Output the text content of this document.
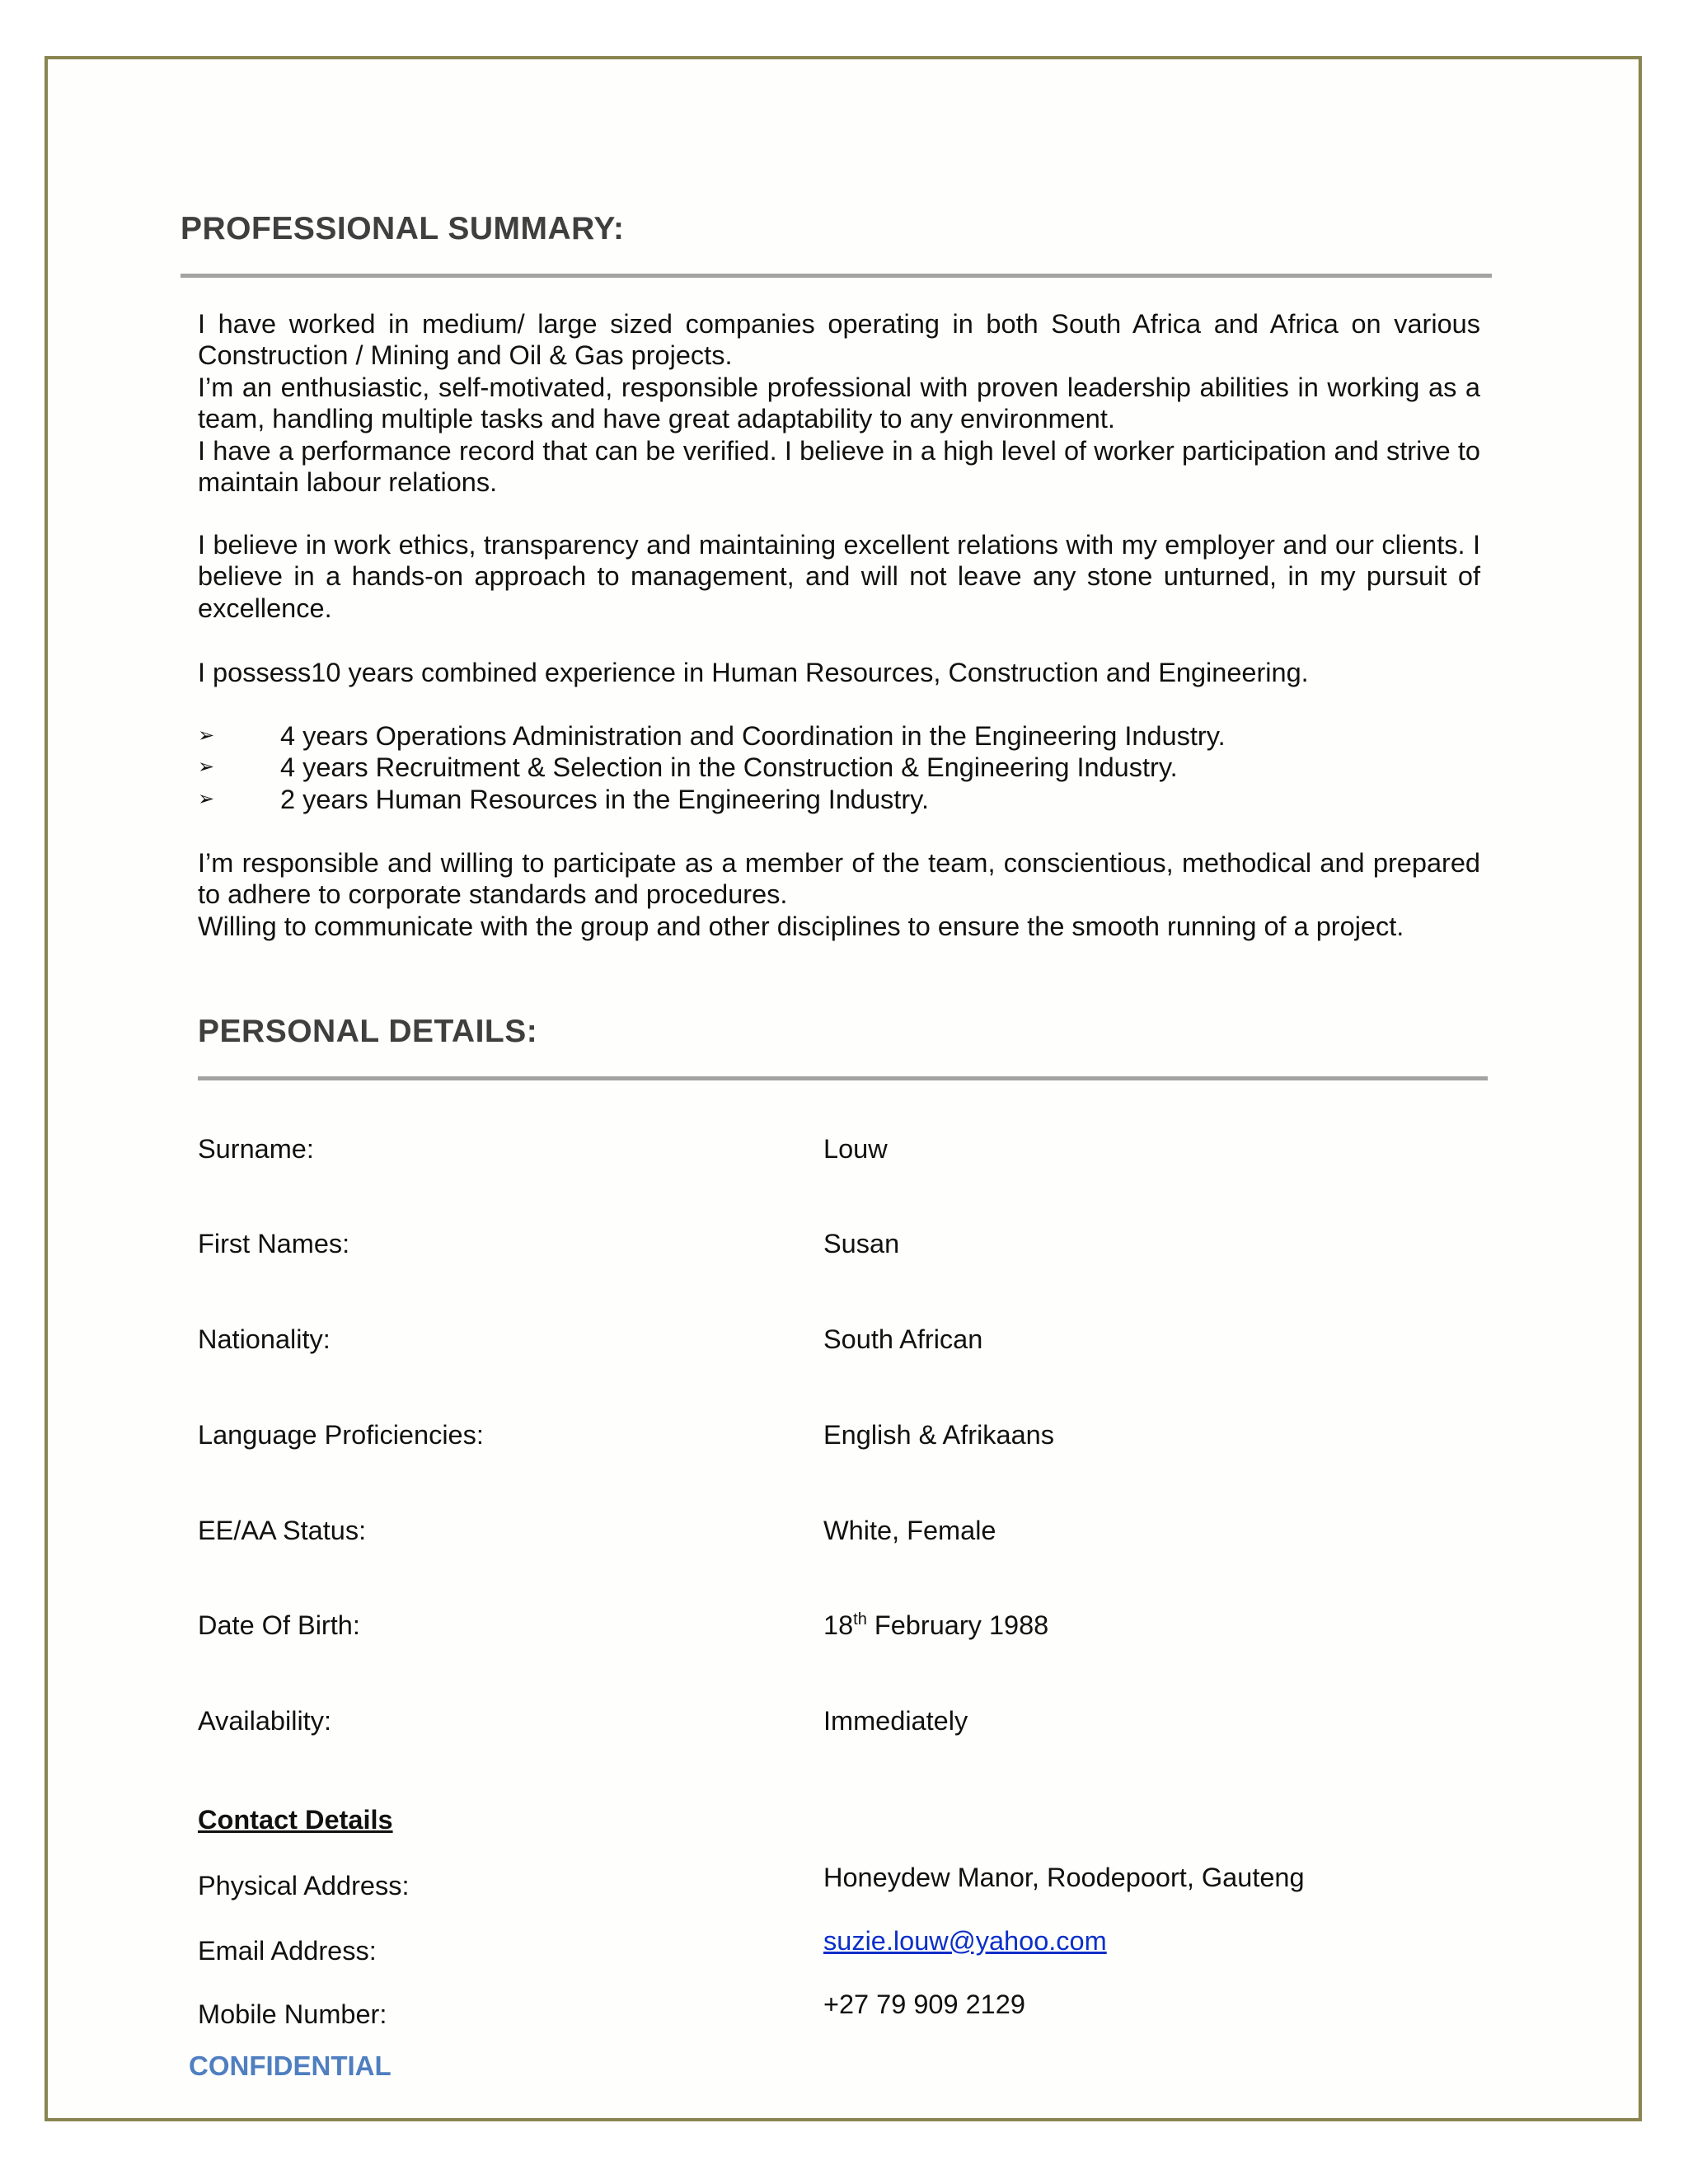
PROFESSIONAL SUMMARY:

I have worked in medium/ large sized companies operating in both South Africa and Africa on various Construction / Mining and Oil & Gas projects.

I’m an enthusiastic, self-motivated, responsible professional with proven leadership abilities in working as a team, handling multiple tasks and have great adaptability to any environment.

I have a performance record that can be verified. I believe in a high level of worker participation and strive to maintain labour relations.

I believe in work ethics, transparency and maintaining excellent relations with my employer and our clients. I believe in a hands-on approach to management, and will not leave any stone unturned, in my pursuit of excellence.

I possess10 years combined experience in Human Resources, Construction and Engineering.

➢ 4 years Operations Administration and Coordination in the Engineering Industry.
➢ 4 years Recruitment & Selection in the Construction & Engineering Industry.
➢ 2 years Human Resources in the Engineering Industry.

I’m responsible and willing to participate as a member of the team, conscientious, methodical and prepared to adhere to corporate standards and procedures.

Willing to communicate with the group and other disciplines to ensure the smooth running of a project.

PERSONAL DETAILS:
Surname:	Louw
First Names:	Susan
Nationality:	South African
Language Proficiencies:	English & Afrikaans
EE/AA Status:	White, Female
Date Of Birth:	18th February 1988
Availability:	Immediately
Contact Details
Physical Address:	Honeydew Manor, Roodepoort, Gauteng
Email Address:	suzie.louw@yahoo.com
Mobile Number:	+27 79 909 2129
CONFIDENTIAL
